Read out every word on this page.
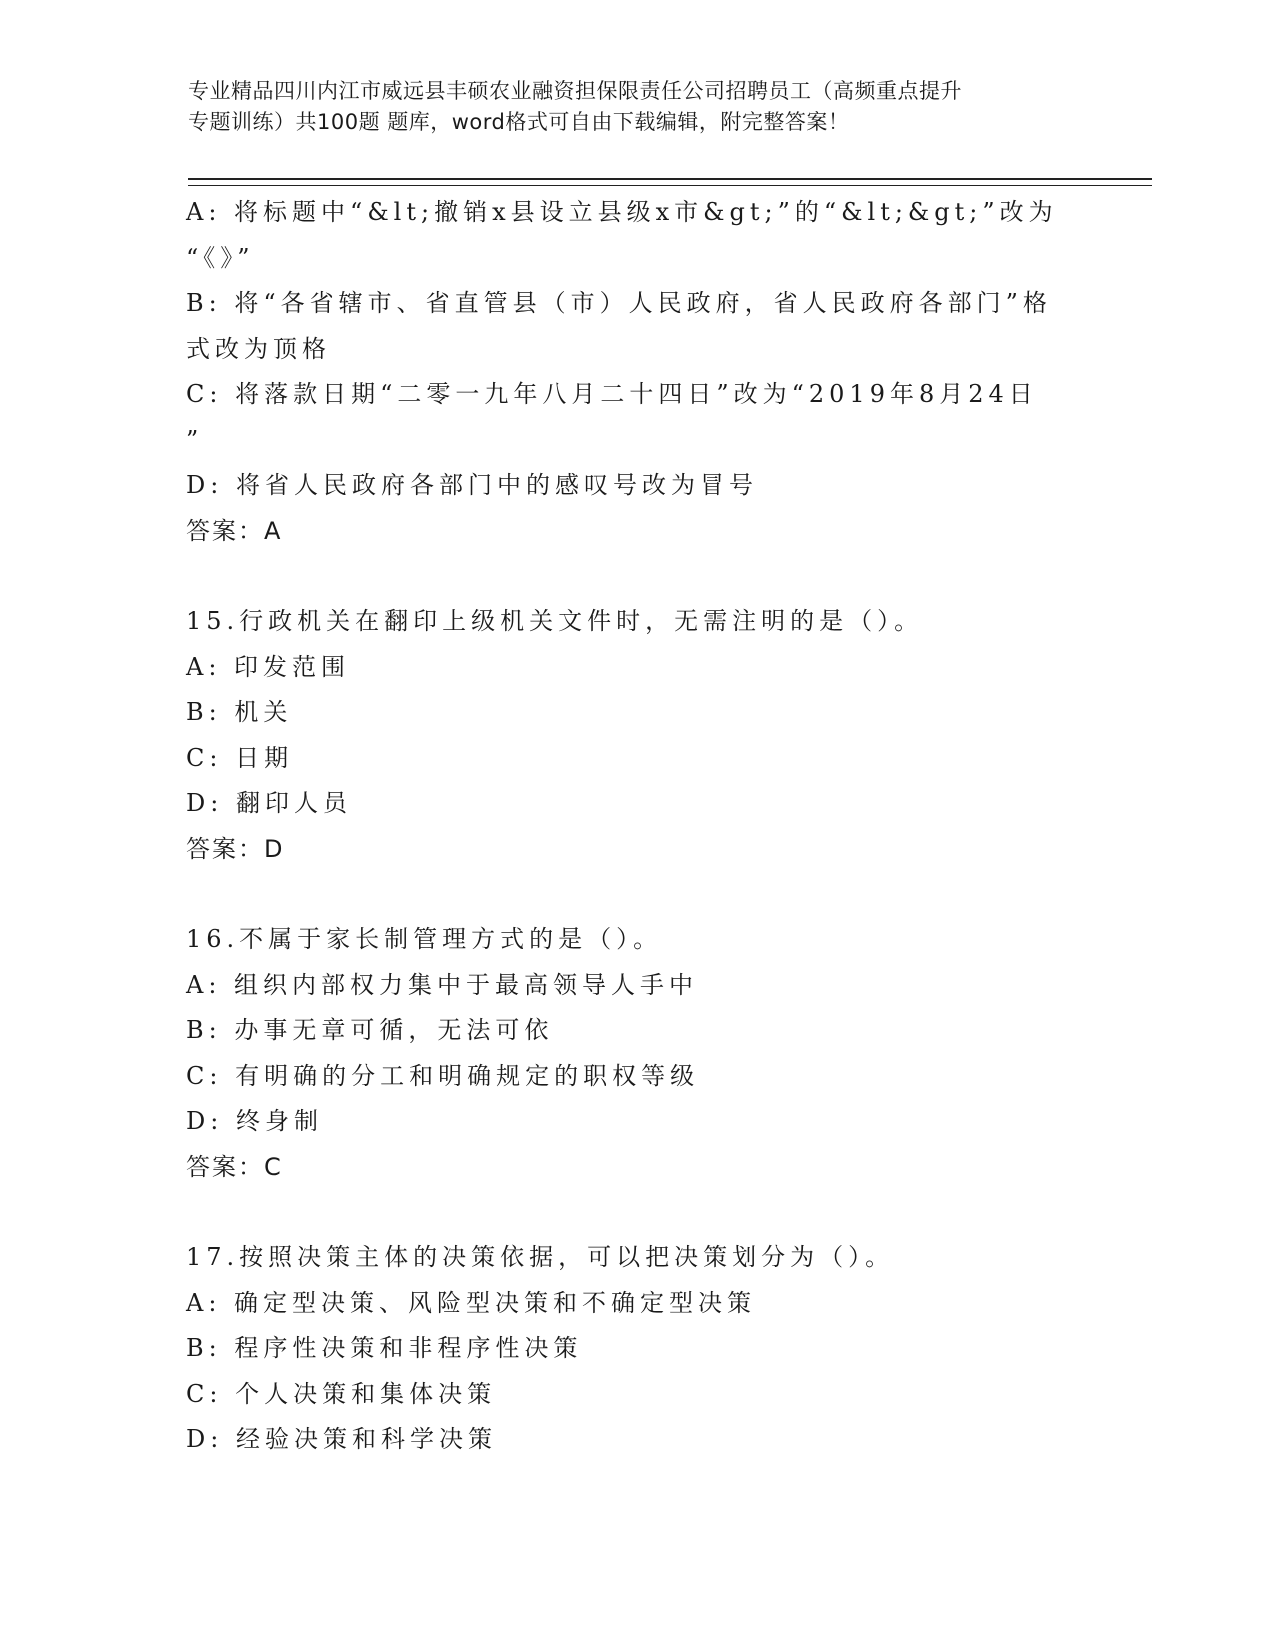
专业精品四川内江市威远县丰硕农业融资担保限责任公司招聘员工（高频重点提升
专题训练）共100题 题库，word格式可自由下载编辑，附完整答案！
A: 将标题中“&lt;撤销x县设立县级x市&gt;”的“&lt;&gt;”改为
“《》”
B: 将“各省辖市、省直管县（市）人民政府，省人民政府各部门”格
式改为顶格
C: 将落款日期“二零一九年八月二十四日”改为“2019年8月24日
”
D: 将省人民政府各部门中的感叹号改为冒号
答案：A
15.行政机关在翻印上级机关文件时，无需注明的是（）。
A: 印发范围
B: 机关
C: 日期
D: 翻印人员
答案：D
16.不属于家长制管理方式的是（）。
A: 组织内部权力集中于最高领导人手中
B: 办事无章可循，无法可依
C: 有明确的分工和明确规定的职权等级
D: 终身制
答案：C
17.按照决策主体的决策依据，可以把决策划分为（）。
A: 确定型决策、风险型决策和不确定型决策
B: 程序性决策和非程序性决策
C: 个人决策和集体决策
D: 经验决策和科学决策
